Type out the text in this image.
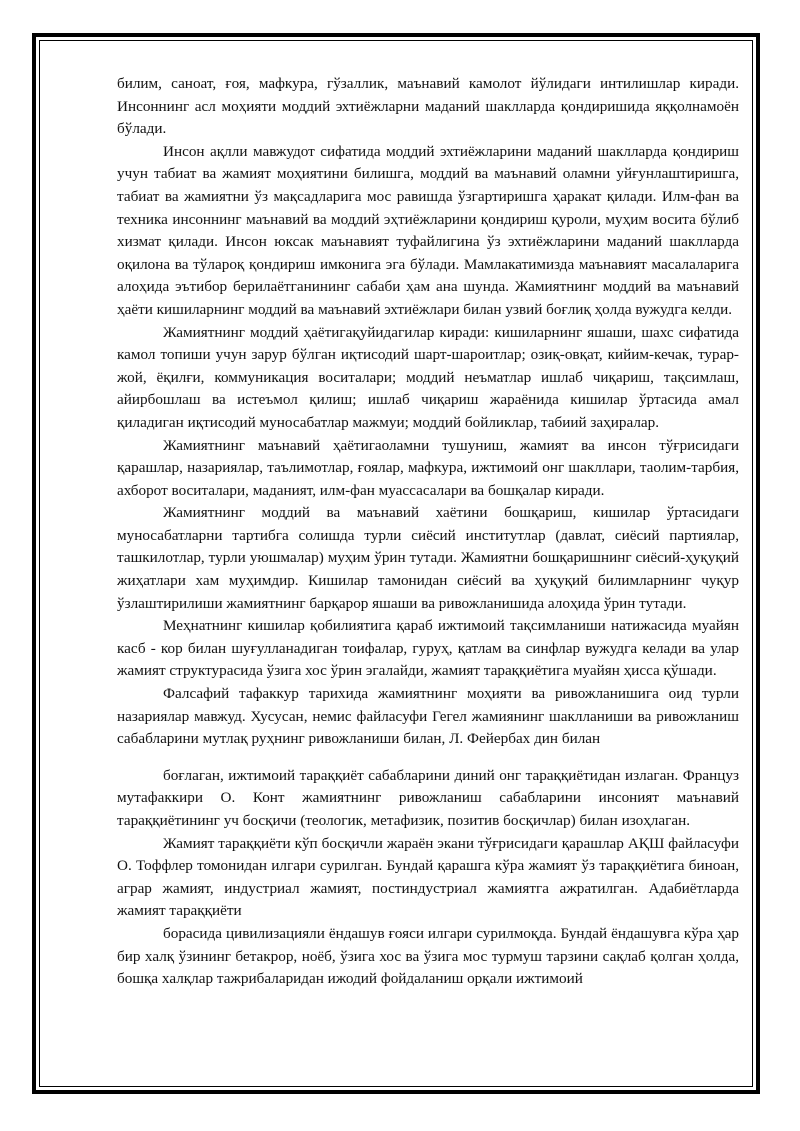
билим, саноат, ғоя, мафкура, гўзаллик, маънавий камолот йўлидаги интилишлар киради. Инсоннинг асл моҳияти моддий эхтиёжларни маданий шаклларда қондиришида яққолнамоён бўлади.

Инсон ақлли мавжудот сифатида моддий эхтиёжларини маданий шаклларда қондириш учун табиат ва жамият моҳиятини билишга, моддий ва маънавий оламни уйғунлаштиришга, табиат ва жамиятни ўз мақсадларига мос равишда ўзгартиришга ҳаракат қилади. Илм-фан ва техника инсоннинг маънавий ва моддий эҳтиёжларини қондириш қуроли, муҳим восита бўлиб хизмат қилади. Инсон юксак маънавият туфайлигина ўз эхтиёжларини маданий шаклларда оқилона ва тўлароқ қондириш имконига эга бўлади. Мамлакатимизда маънавият масалаларига алоҳида эътибор берилаётганининг сабаби ҳам ана шунда. Жамиятнинг моддий ва маънавий ҳаёти кишиларнинг моддий ва маънавий эхтиёжлари билан узвий боғлиқ ҳолда вужудга келди.

Жамиятнинг моддий ҳаётигақуйидагилар киради: кишиларнинг яшаши, шахс сифатида камол топиши учун зарур бўлган иқтисодий шарт-шароитлар; озиқ-овқат, кийим-кечак, турар-жой, ёқилғи, коммуникация воситалари; моддий неъматлар ишлаб чиқариш, тақсимлаш, айирбошлаш ва истеъмол қилиш; ишлаб чиқариш жараёнида кишилар ўртасида амал қиладиган иқтисодий муносабатлар мажмуи; моддий бойликлар, табиий заҳиралар.

Жамиятнинг маънавий ҳаётигаоламни тушуниш, жамият ва инсон тўғрисидаги қарашлар, назариялар, таълимотлар, ғоялар, мафкура, ижтимоий онг шакллари, таолим-тарбия, ахборот воситалари, маданият, илм-фан муассасалари ва бошқалар киради.

Жамиятнинг моддий ва маънавий хаётини бошқариш, кишилар ўртасидаги муносабатларни тартибга солишда турли сиёсий институтлар (давлат, сиёсий партиялар, ташкилотлар, турли уюшмалар) муҳим ўрин тутади. Жамиятни бошқаришнинг сиёсий-ҳуқуқий жиҳатлари хам муҳимдир. Кишилар тамонидан сиёсий ва ҳуқуқий билимларнинг чуқур ўзлаштирилиши жамиятнинг барқарор яшаши ва ривожланишида алоҳида ўрин тутади.

Меҳнатнинг кишилар қобилиятига қараб ижтимоий тақсимланиши натижасида муайян касб - кор билан шуғулланадиган тоифалар, гуруҳ, қатлам ва синфлар вужудга келади ва улар жамият структурасида ўзига хос ўрин эгалайди, жамият тараққиётига муайян ҳисса қўшади.

Фалсафий тафаккур тарихида жамиятнинг моҳияти ва ривожланишига оид турли назариялар мавжуд. Хусусан, немис файласуфи Гегел жамиянинг шаклланиши ва ривожланиш сабабларини мутлақ руҳнинг ривожланиши билан, Л. Фейербах дин билан

боғлаган, ижтимоий тараққиёт сабабларини диний онг тараққиётидан излаган. Француз мутафаккири О. Конт жамиятнинг ривожланиш сабабларини инсоният маънавий тараққиётининг уч босқичи (теологик, метафизик, позитив босқичлар) билан изоҳлаган.

Жамият тараққиёти кўп босқичли жараён экани тўғрисидаги қарашлар АҚШ файласуфи О. Тоффлер томонидан илгари сурилган. Бундай қарашга кўра жамият ўз тараққиётига биноан, аграр жамият, индустриал жамият, постиндустриал жамиятга ажратилган. Адабиётларда жамият тараққиёти

борасида цивилизацияли ёндашув ғояси илгари сурилмоқда. Бундай ёндашувга кўра ҳар бир халқ ўзининг бетакрор, ноёб, ўзига хос ва ўзига мос турмуш тарзини сақлаб қолган ҳолда, бошқа халқлар тажрибаларидан ижодий фойдаланиш орқали ижтимоий
